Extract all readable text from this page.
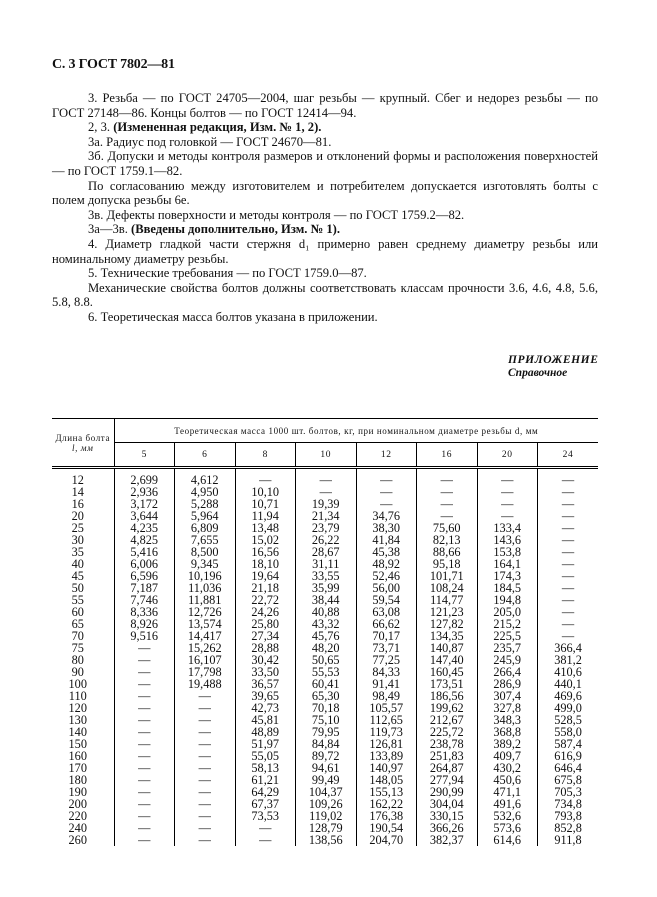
С. 3 ГОСТ 7802—81

3. Резьба — по ГОСТ 24705—2004, шаг резьбы — крупный. Сбег и недорез резьбы — по ГОСТ 27148—86. Концы болтов — по ГОСТ 12414—94.

2, 3. (Измененная редакция, Изм. № 1, 2).

3а. Радиус под головкой — ГОСТ 24670—81.

3б. Допуски и методы контроля размеров и отклонений формы и расположения поверхностей — по ГОСТ 1759.1—82.

По согласованию между изготовителем и потребителем допускается изготовлять болты с полем допуска резьбы 6е.

3в. Дефекты поверхности и методы контроля — по ГОСТ 1759.2—82.

3а—3в. (Введены дополнительно, Изм. № 1).

4. Диаметр гладкой части стержня d₁ примерно равен среднему диаметру резьбы или номинальному диаметру резьбы.

5. Технические требования — по ГОСТ 1759.0—87.

Механические свойства болтов должны соответствовать классам прочности 3.6, 4.6, 4.8, 5.6, 5.8, 8.8.

6. Теоретическая масса болтов указана в приложении.

ПРИЛОЖЕНИЕ
Справочное
Длина болта
l, мм	Теоретическая масса 1000 шт. болтов, кг, при номинальном диаметре резьбы d, мм							
	5	6	8	10	12	16	20	24
12	2,699	4,612	—	—	—	—	—	—
14	2,936	4,950	10,10	—	—	—	—	—
16	3,172	5,288	10,71	19,39	—	—	—	—
20	3,644	5,964	11,94	21,34	34,76	—	—	—
25	4,235	6,809	13,48	23,79	38,30	75,60	133,4	—
30	4,825	7,655	15,02	26,22	41,84	82,13	143,6	—
35	5,416	8,500	16,56	28,67	45,38	88,66	153,8	—
40	6,006	9,345	18,10	31,11	48,92	95,18	164,1	—
45	6,596	10,196	19,64	33,55	52,46	101,71	174,3	—
50	7,187	11,036	21,18	35,99	56,00	108,24	184,5	—
55	7,746	11,881	22,72	38,44	59,54	114,77	194,8	—
60	8,336	12,726	24,26	40,88	63,08	121,23	205,0	—
65	8,926	13,574	25,80	43,32	66,62	127,82	215,2	—
70	9,516	14,417	27,34	45,76	70,17	134,35	225,5	—
75	—	15,262	28,88	48,20	73,71	140,87	235,7	366,4
80	—	16,107	30,42	50,65	77,25	147,40	245,9	381,2
90	—	17,798	33,50	55,53	84,33	160,45	266,4	410,6
100	—	19,488	36,57	60,41	91,41	173,51	286,9	440,1
110	—	—	39,65	65,30	98,49	186,56	307,4	469,6
120	—	—	42,73	70,18	105,57	199,62	327,8	499,0
130	—	—	45,81	75,10	112,65	212,67	348,3	528,5
140	—	—	48,89	79,95	119,73	225,72	368,8	558,0
150	—	—	51,97	84,84	126,81	238,78	389,2	587,4
160	—	—	55,05	89,72	133,89	251,83	409,7	616,9
170	—	—	58,13	94,61	140,97	264,87	430,2	646,4
180	—	—	61,21	99,49	148,05	277,94	450,6	675,8
190	—	—	64,29	104,37	155,13	290,99	471,1	705,3
200	—	—	67,37	109,26	162,22	304,04	491,6	734,8
220	—	—	73,53	119,02	176,38	330,15	532,6	793,8
240	—	—	—	128,79	190,54	366,26	573,6	852,8
260	—	—	—	138,56	204,70	382,37	614,6	911,8
